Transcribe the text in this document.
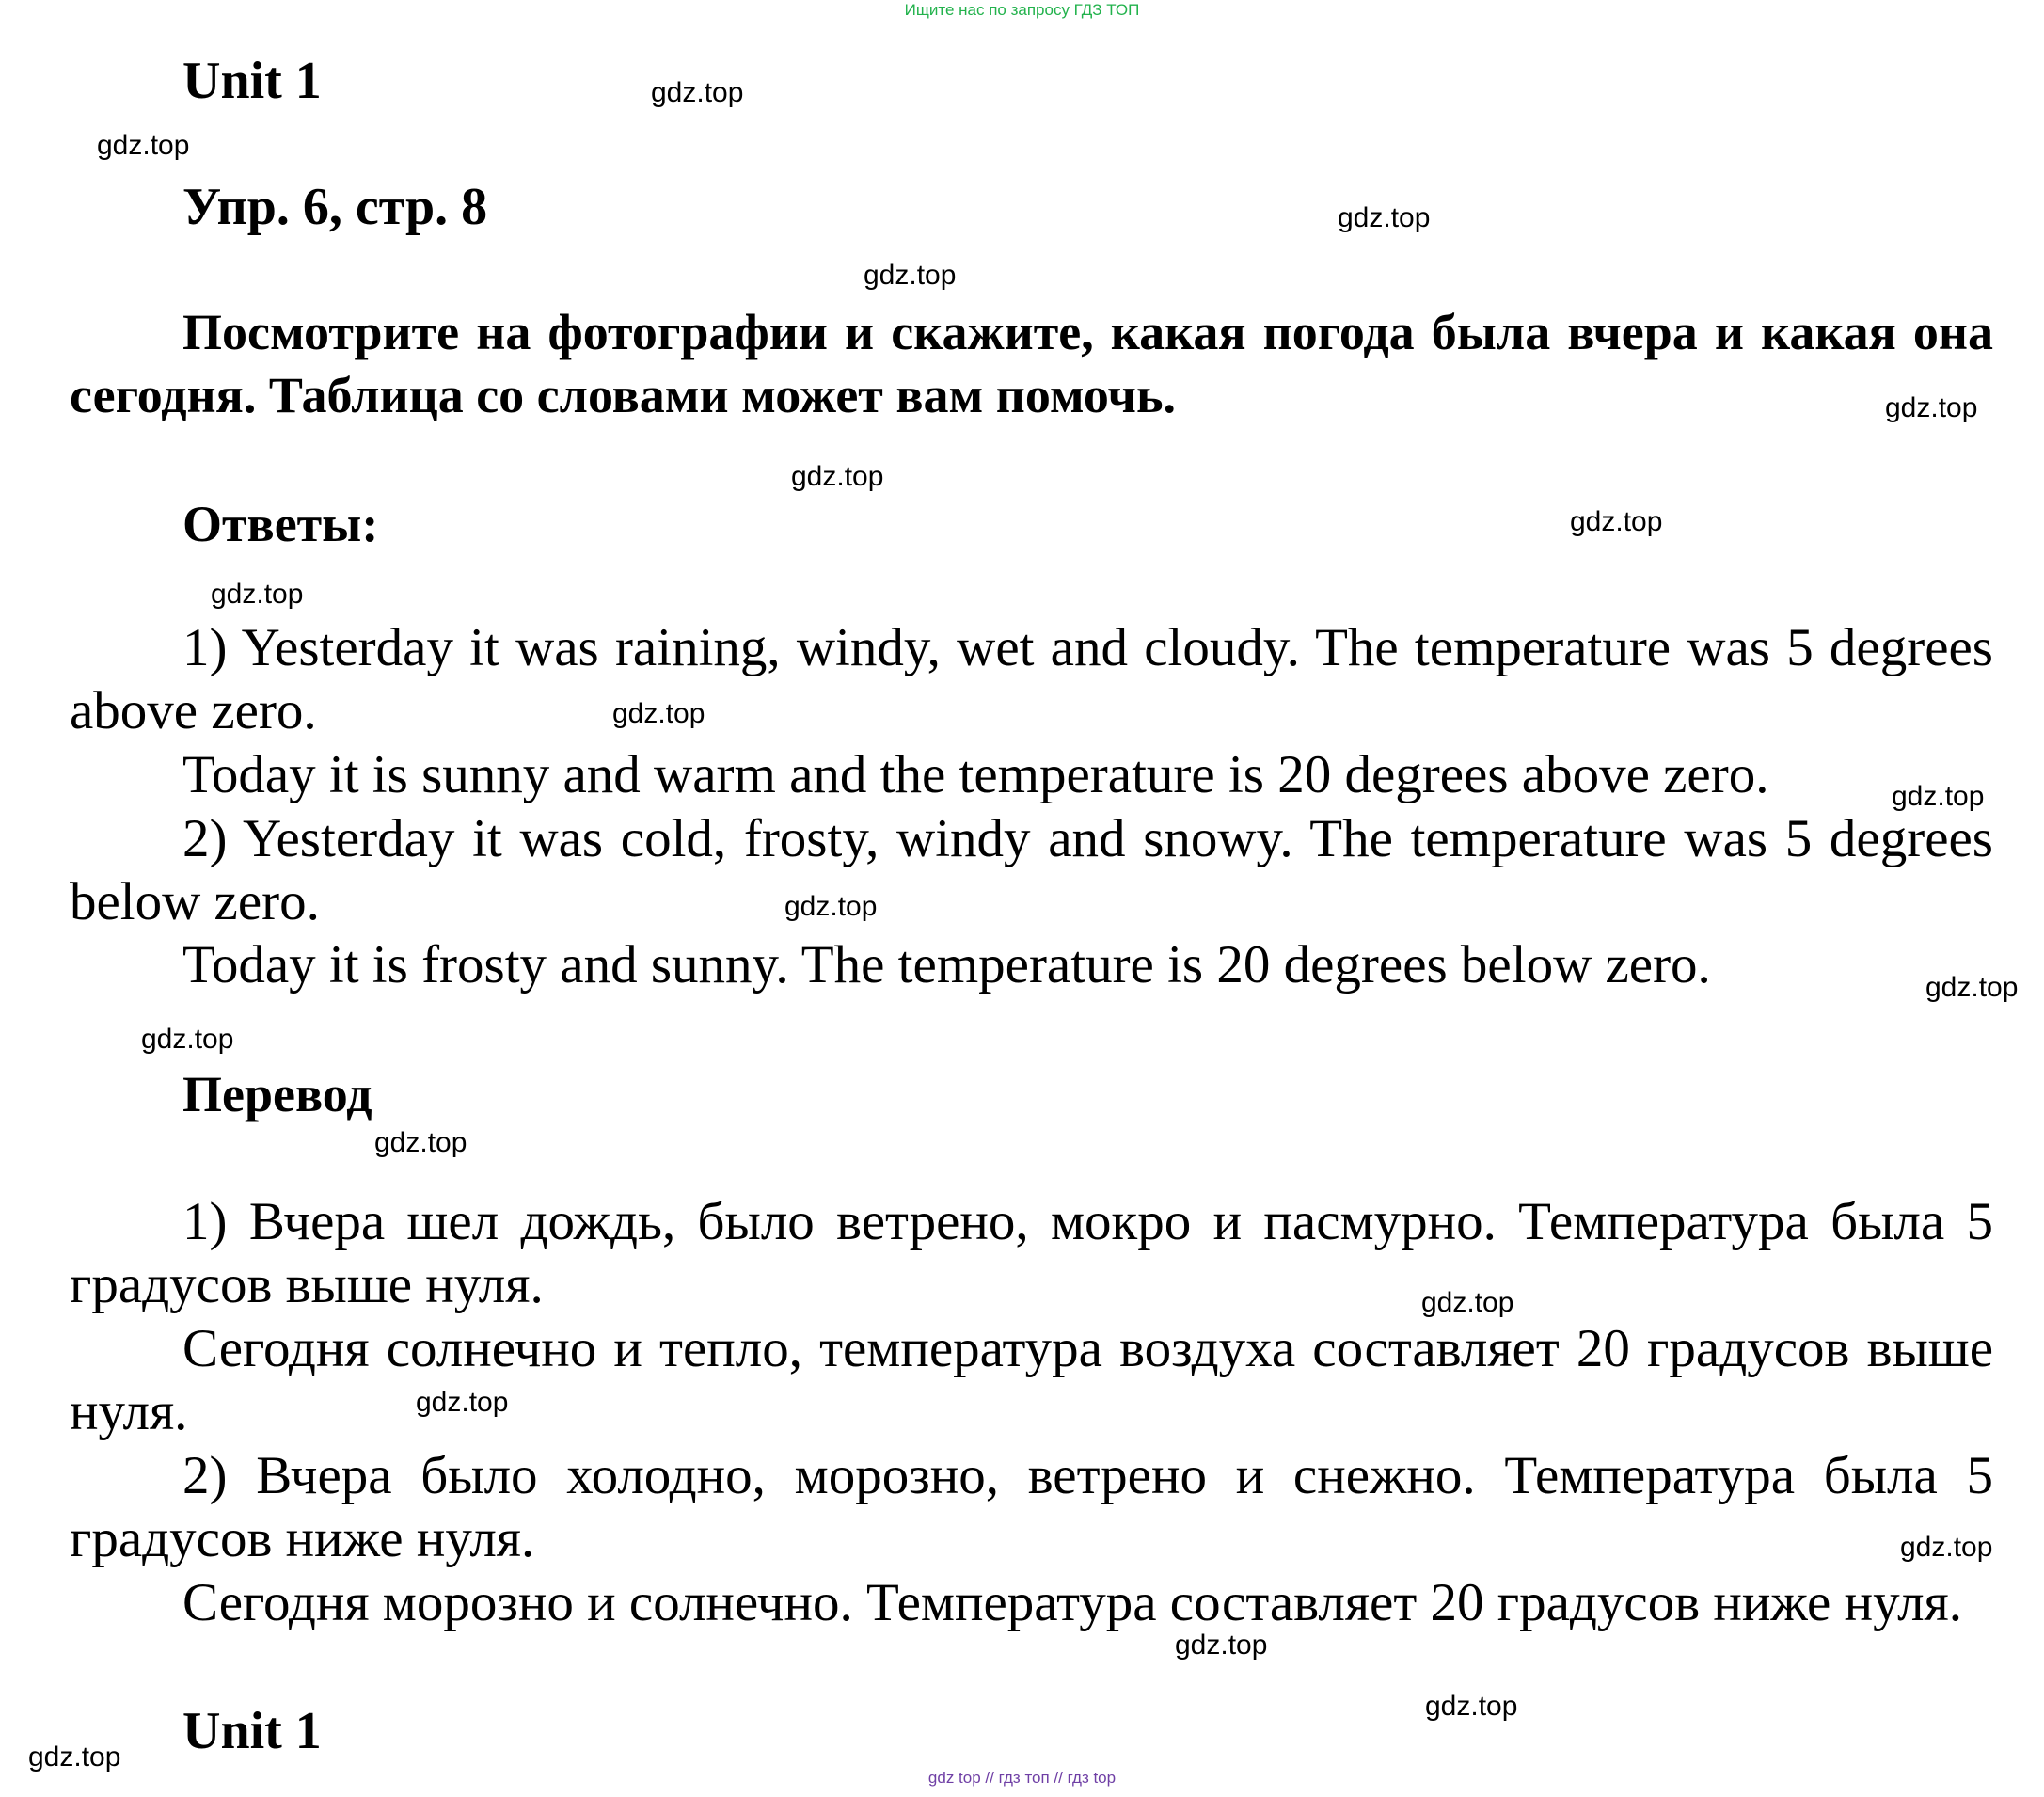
Ищите нас по запросу ГДЗ ТОП
Unit 1
Упр. 6, стр. 8
Посмотрите на фотографии и скажите, какая погода была вчера и какая она сегодня. Таблица со словами может вам помочь.
Ответы:
1) Yesterday it was raining, windy, wet and cloudy. The temperature was 5 degrees above zero.
Today it is sunny and warm and the temperature is 20 degrees above zero.
2) Yesterday it was cold, frosty, windy and snowy. The temperature was 5 degrees below zero.
Today it is frosty and sunny. The temperature is 20 degrees below zero.
Перевод
1) Вчера шел дождь, было ветрено, мокро и пасмурно. Температура была 5 градусов выше нуля.
Сегодня солнечно и тепло, температура воздуха составляет 20 градусов выше нуля.
2) Вчера было холодно, морозно, ветрено и снежно. Температура была 5 градусов ниже нуля.
Сегодня морозно и солнечно. Температура составляет 20 градусов ниже нуля.
Unit 1
gdz top // гдз топ // гдз top
gdz.top
gdz.top
gdz.top
gdz.top
gdz.top
gdz.top
gdz.top
gdz.top
gdz.top
gdz.top
gdz.top
gdz.top
gdz.top
gdz.top
gdz.top
gdz.top
gdz.top
gdz.top
gdz.top
gdz.top
